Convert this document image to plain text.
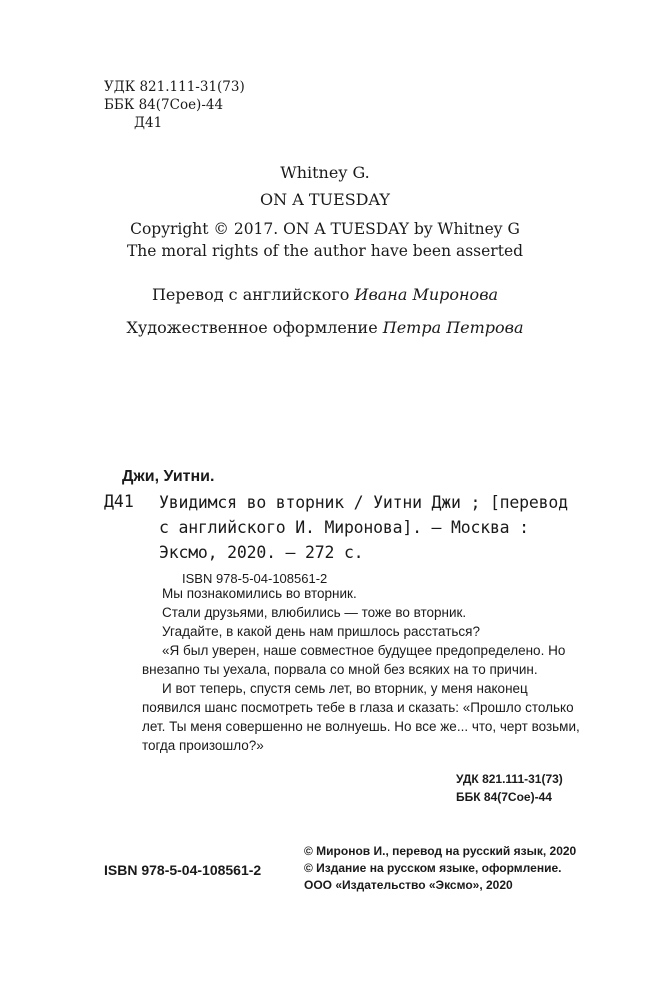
УДК 821.111-31(73)
ББК 84(7Сое)-44
Д41
Whitney G.
ON A TUESDAY
Copyright © 2017. ON A TUESDAY by Whitney G
The moral rights of the author have been asserted
Перевод с английского Ивана Миронова
Художественное оформление Петра Петрова
Джи, Уитни.
Д41 Увидимся во вторник / Уитни Джи ; [перевод с английского И. Миронова]. — Москва : Эксмо, 2020. — 272 с.
ISBN 978-5-04-108561-2

Мы познакомились во вторник.

Стали друзьями, влюбились — тоже во вторник.

Угадайте, в какой день нам пришлось расстаться?

«Я был уверен, наше совместное будущее предопределено. Но внезапно ты уехала, порвала со мной без всяких на то причин.

И вот теперь, спустя семь лет, во вторник, у меня наконец появился шанс посмотреть тебе в глаза и сказать: «Прошло столько лет. Ты меня совершенно не волнуешь. Но все же... что, черт возьми, тогда произошло?»

УДК 821.111-31(73)
ББК 84(7Сое)-44
© Миронов И., перевод на русский язык, 2020
© Издание на русском языке, оформление.
ООО «Издательство «Эксмо», 2020
ISBN 978-5-04-108561-2
